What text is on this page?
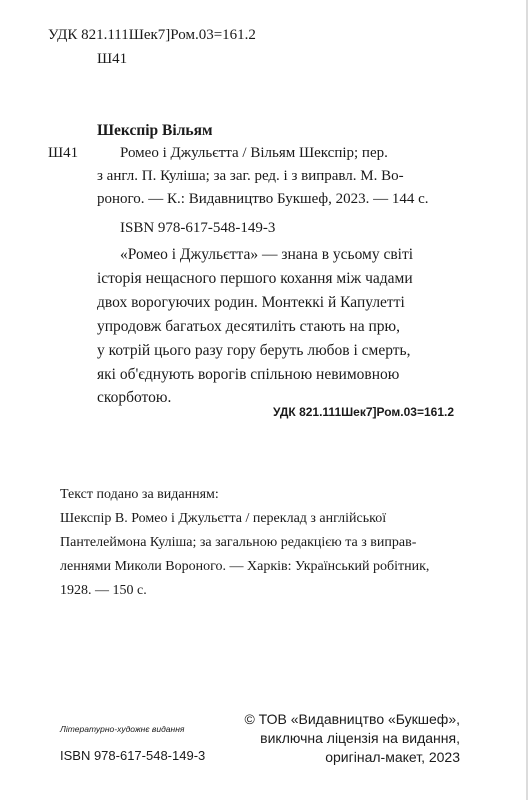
УДК 821.111Шек7]Ром.03=161.2
Ш41
Шекспір Вільям
Ш41	Ромео і Джульєтта / Вільям Шекспір; пер.
з англ. П. Куліша; за заг. ред. і з виправл. М. Во-
роного. — К.: Видавництво Букшеф, 2023. — 144 с.
ISBN 978-617-548-149-3
«Ромео і Джульєтта» — знана в усьому світі
історія нещасного першого кохання між чадами
двох ворогуючих родин. Монтеккі й Капулетті
упродовж багатьох десятиліть стають на прю,
у котрій цього разу гору беруть любов і смерть,
які об'єднують ворогів спільною невимовною
скорботою.
УДК 821.111Шек7]Ром.03=161.2
Текст подано за виданням:
Шекспір В. Ромео і Джульєтта / переклад з англійської
Пантелеймона Куліша; за загальною редакцією та з виправ-
леннями Миколи Вороного. — Харків: Український робітник,
1928. — 150 с.
Літературно-художнє видання
ISBN 978-617-548-149-3
© ТОВ «Видавництво «Букшеф»,
виключна ліцензія на видання,
оригінал-макет, 2023
